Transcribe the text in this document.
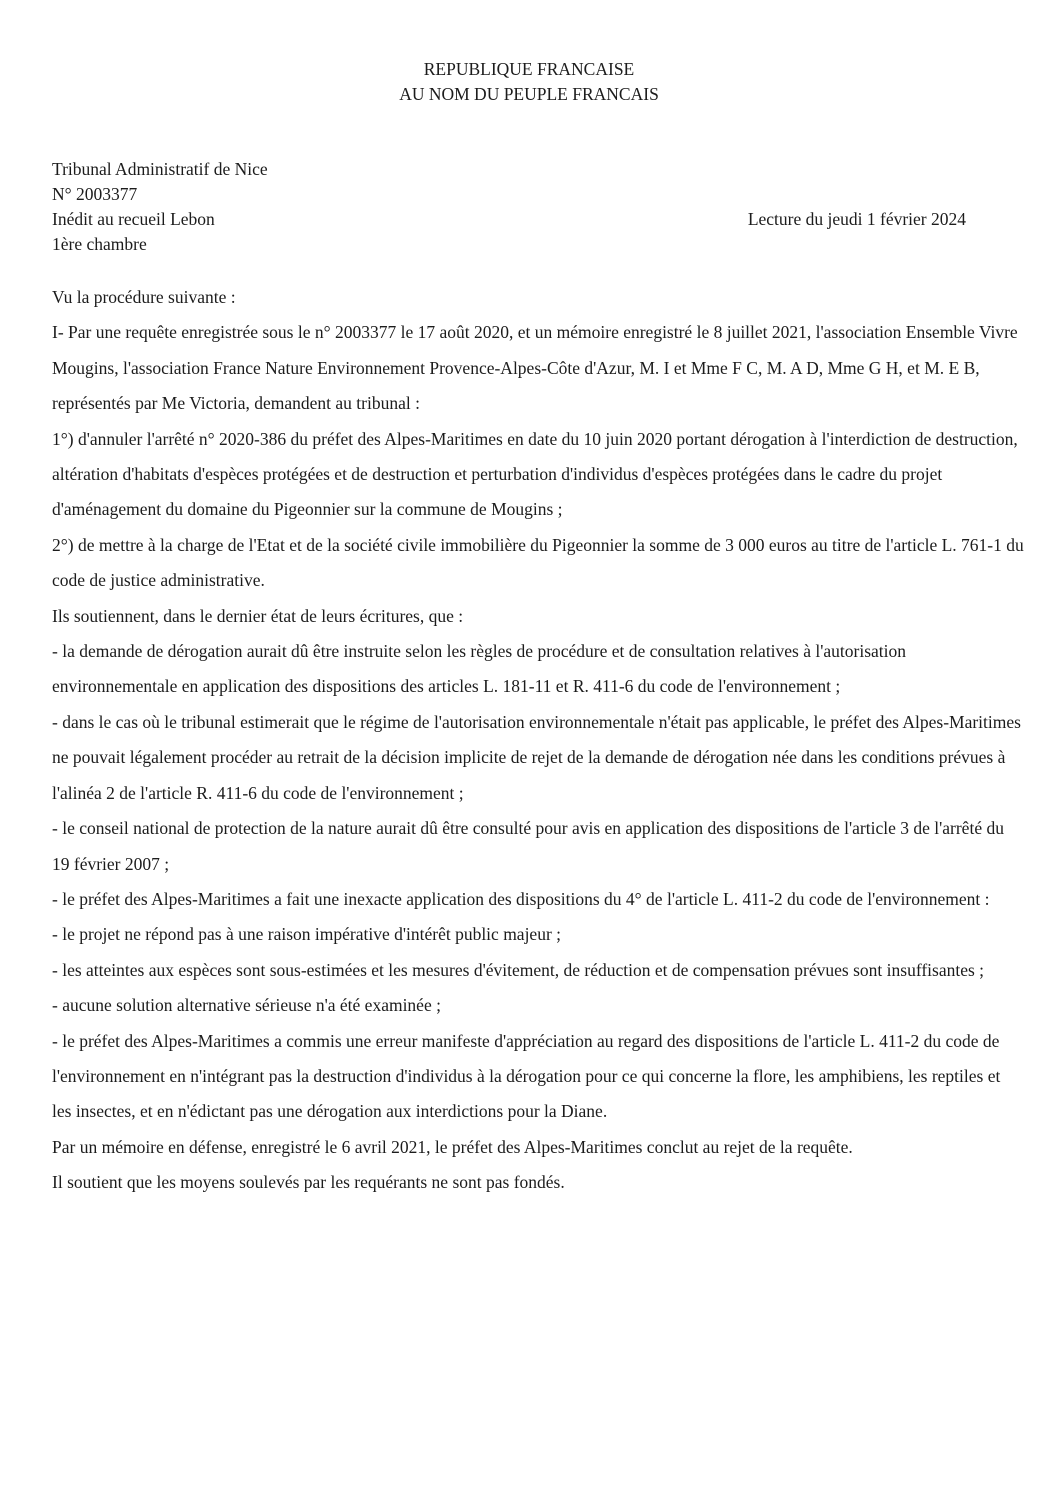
REPUBLIQUE FRANCAISE
AU NOM DU PEUPLE FRANCAIS
Tribunal Administratif de Nice
N° 2003377
Inédit au recueil Lebon	Lecture du jeudi 1 février 2024
1ère chambre

Vu la procédure suivante :

I- Par une requête enregistrée sous le n° 2003377 le 17 août 2020, et un mémoire enregistré le 8 juillet 2021, l'association Ensemble Vivre Mougins, l'association France Nature Environnement Provence-Alpes-Côte d'Azur, M. I et Mme F C, M. A D, Mme G H, et M. E B, représentés par Me Victoria, demandent au tribunal :

1°) d'annuler l'arrêté n° 2020-386 du préfet des Alpes-Maritimes en date du 10 juin 2020 portant dérogation à l'interdiction de destruction, altération d'habitats d'espèces protégées et de destruction et perturbation d'individus d'espèces protégées dans le cadre du projet d'aménagement du domaine du Pigeonnier sur la commune de Mougins ;

2°) de mettre à la charge de l'Etat et de la société civile immobilière du Pigeonnier la somme de 3 000 euros au titre de l'article L. 761-1 du code de justice administrative.

Ils soutiennent, dans le dernier état de leurs écritures, que :

- la demande de dérogation aurait dû être instruite selon les règles de procédure et de consultation relatives à l'autorisation environnementale en application des dispositions des articles L. 181-11 et R. 411-6 du code de l'environnement ;

- dans le cas où le tribunal estimerait que le régime de l'autorisation environnementale n'était pas applicable, le préfet des Alpes-Maritimes ne pouvait légalement procéder au retrait de la décision implicite de rejet de la demande de dérogation née dans les conditions prévues à l'alinéa 2 de l'article R. 411-6 du code de l'environnement ;

- le conseil national de protection de la nature aurait dû être consulté pour avis en application des dispositions de l'article 3 de l'arrêté du 19 février 2007 ;

- le préfet des Alpes-Maritimes a fait une inexacte application des dispositions du 4° de l'article L. 411-2 du code de l'environnement :

- le projet ne répond pas à une raison impérative d'intérêt public majeur ;

- les atteintes aux espèces sont sous-estimées et les mesures d'évitement, de réduction et de compensation prévues sont insuffisantes ;

- aucune solution alternative sérieuse n'a été examinée ;

- le préfet des Alpes-Maritimes a commis une erreur manifeste d'appréciation au regard des dispositions de l'article L. 411-2 du code de l'environnement en n'intégrant pas la destruction d'individus à la dérogation pour ce qui concerne la flore, les amphibiens, les reptiles et les insectes, et en n'édictant pas une dérogation aux interdictions pour la Diane.

Par un mémoire en défense, enregistré le 6 avril 2021, le préfet des Alpes-Maritimes conclut au rejet de la requête.

Il soutient que les moyens soulevés par les requérants ne sont pas fondés.
